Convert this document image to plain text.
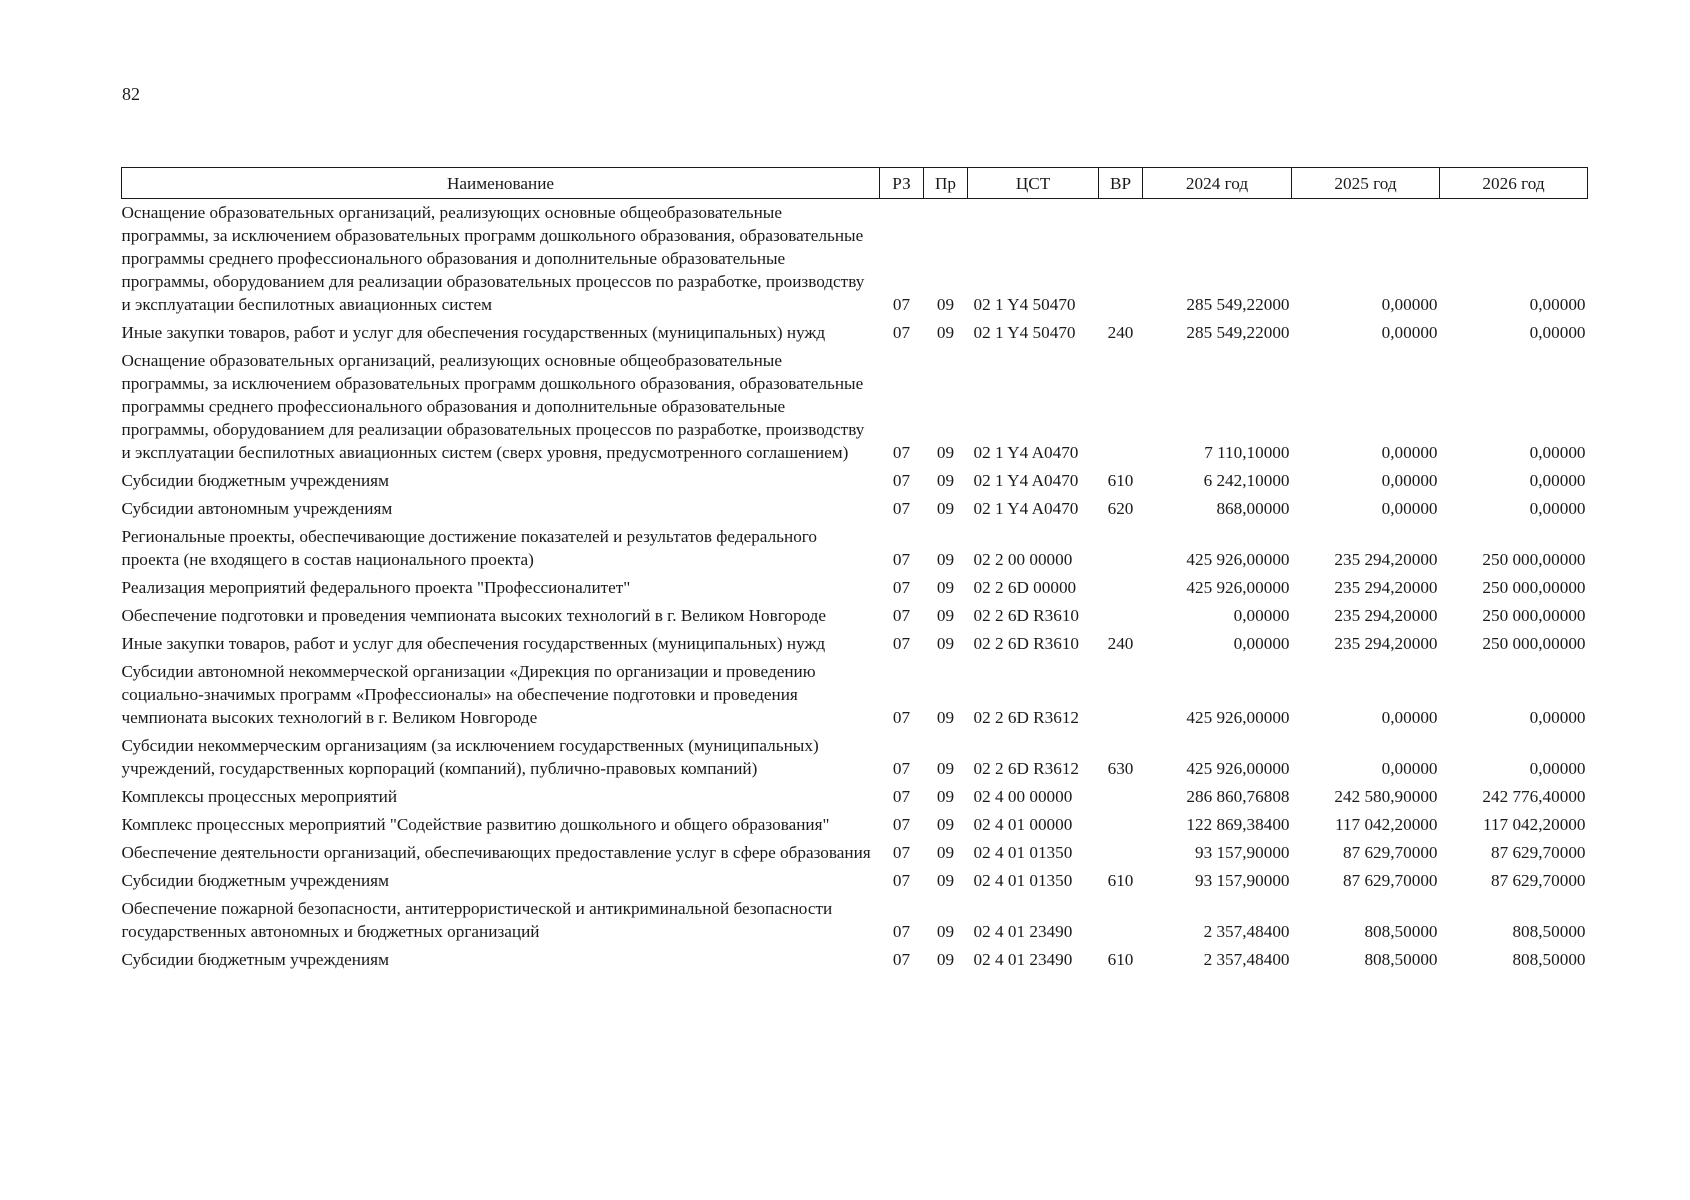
82
Наименование	РЗ	Пр	ЦСТ	ВР	2024 год	2025 год	2026 год
Оснащение образовательных организаций, реализующих основные общеобразовательные программы, за исключением образовательных программ дошкольного образования, образовательные программы среднего профессионального образования и дополнительные образовательные программы, оборудованием для реализации образовательных процессов по разработке, производству и эксплуатации беспилотных авиационных систем	07	09	02 1 Y4 50470		285 549,22000	0,00000	0,00000
Иные закупки товаров, работ и услуг для обеспечения государственных (муниципальных) нужд	07	09	02 1 Y4 50470	240	285 549,22000	0,00000	0,00000
Оснащение образовательных организаций, реализующих основные общеобразовательные программы, за исключением образовательных программ дошкольного образования, образовательные программы среднего профессионального образования и дополнительные образовательные программы, оборудованием для реализации образовательных процессов по разработке, производству и эксплуатации беспилотных авиационных систем (сверх уровня, предусмотренного соглашением)	07	09	02 1 Y4 A0470		7 110,10000	0,00000	0,00000
Субсидии бюджетным учреждениям	07	09	02 1 Y4 A0470	610	6 242,10000	0,00000	0,00000
Субсидии автономным учреждениям	07	09	02 1 Y4 A0470	620	868,00000	0,00000	0,00000
Региональные проекты, обеспечивающие достижение показателей и результатов федерального проекта (не входящего в состав национального проекта)	07	09	02 2 00 00000		425 926,00000	235 294,20000	250 000,00000
Реализация мероприятий федерального проекта "Профессионалитет"	07	09	02 2 6D 00000		425 926,00000	235 294,20000	250 000,00000
Обеспечение подготовки и проведения чемпионата высоких технологий в г. Великом Новгороде	07	09	02 2 6D R3610		0,00000	235 294,20000	250 000,00000
Иные закупки товаров, работ и услуг для обеспечения государственных (муниципальных) нужд	07	09	02 2 6D R3610	240	0,00000	235 294,20000	250 000,00000
Субсидии автономной некоммерческой организации «Дирекция по организации и проведению социально-значимых программ «Профессионалы» на обеспечение подготовки и проведения чемпионата высоких технологий в г. Великом Новгороде	07	09	02 2 6D R3612		425 926,00000	0,00000	0,00000
Субсидии некоммерческим организациям (за исключением государственных (муниципальных) учреждений, государственных корпораций (компаний), публично-правовых компаний)	07	09	02 2 6D R3612	630	425 926,00000	0,00000	0,00000
Комплексы процессных мероприятий	07	09	02 4 00 00000		286 860,76808	242 580,90000	242 776,40000
Комплекс процессных мероприятий "Содействие развитию дошкольного и общего образования"	07	09	02 4 01 00000		122 869,38400	117 042,20000	117 042,20000
Обеспечение деятельности организаций, обеспечивающих предоставление услуг в сфере образования	07	09	02 4 01 01350		93 157,90000	87 629,70000	87 629,70000
Субсидии бюджетным учреждениям	07	09	02 4 01 01350	610	93 157,90000	87 629,70000	87 629,70000
Обеспечение пожарной безопасности, антитеррористической и антикриминальной безопасности государственных автономных и бюджетных организаций	07	09	02 4 01 23490		2 357,48400	808,50000	808,50000
Субсидии бюджетным учреждениям	07	09	02 4 01 23490	610	2 357,48400	808,50000	808,50000
